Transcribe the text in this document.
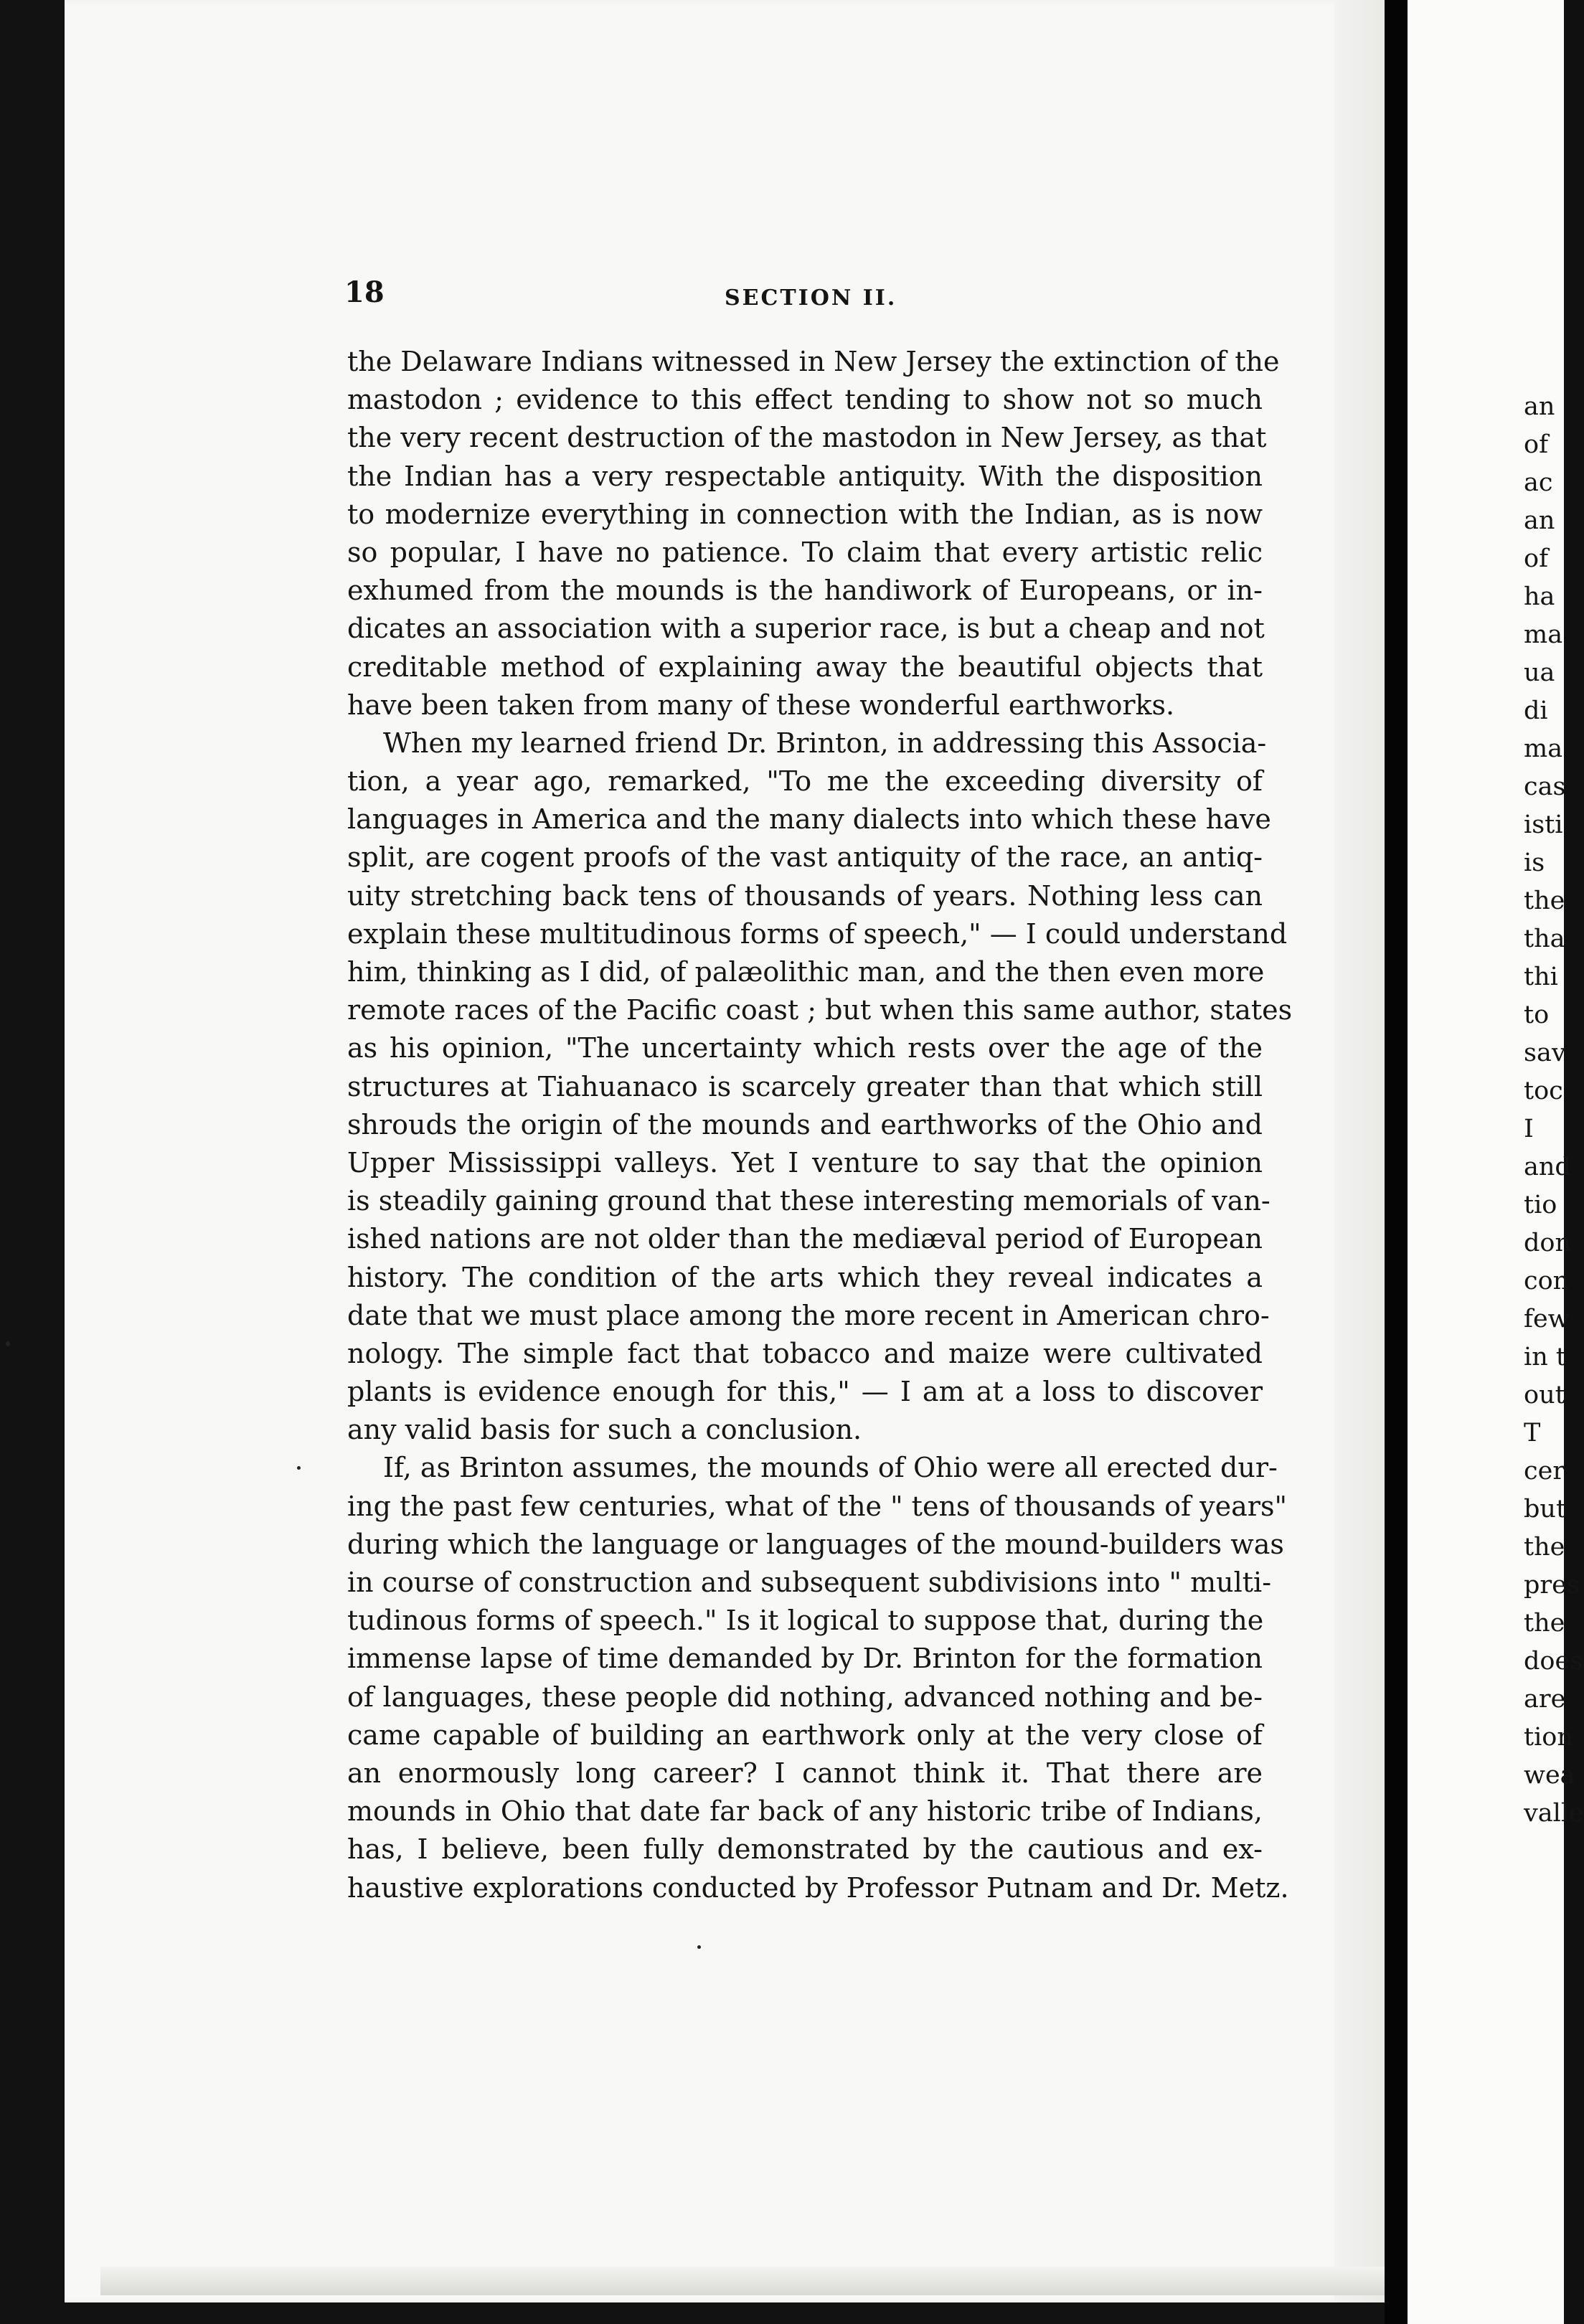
18	SECTION II.
the Delaware Indians witnessed in New Jersey the extinction of the
mastodon ; evidence to this effect tending to show not so much
the very recent destruction of the mastodon in New Jersey, as that
the Indian has a very respectable antiquity. With the disposition
to modernize everything in connection with the Indian, as is now
so popular, I have no patience. To claim that every artistic relic
exhumed from the mounds is the handiwork of Europeans, or in-
dicates an association with a superior race, is but a cheap and not
creditable method of explaining away the beautiful objects that
have been taken from many of these wonderful earthworks.
When my learned friend Dr. Brinton, in addressing this Associa-
tion, a year ago, remarked, "To me the exceeding diversity of
languages in America and the many dialects into which these have
split, are cogent proofs of the vast antiquity of the race, an antiq-
uity stretching back tens of thousands of years. Nothing less can
explain these multitudinous forms of speech," — I could understand
him, thinking as I did, of palæolithic man, and the then even more
remote races of the Pacific coast ; but when this same author, states
as his opinion, "The uncertainty which rests over the age of the
structures at Tiahuanaco is scarcely greater than that which still
shrouds the origin of the mounds and earthworks of the Ohio and
Upper Mississippi valleys. Yet I venture to say that the opinion
is steadily gaining ground that these interesting memorials of van-
ished nations are not older than the mediæval period of European
history. The condition of the arts which they reveal indicates a
date that we must place among the more recent in American chro-
nology. The simple fact that tobacco and maize were cultivated
plants is evidence enough for this," — I am at a loss to discover
any valid basis for such a conclusion.
If, as Brinton assumes, the mounds of Ohio were all erected dur-
ing the past few centuries, what of the " tens of thousands of years"
during which the language or languages of the mound-builders was
in course of construction and subsequent subdivisions into " multi-
tudinous forms of speech." Is it logical to suppose that, during the
immense lapse of time demanded by Dr. Brinton for the formation
of languages, these people did nothing, advanced nothing and be-
came capable of building an earthwork only at the very close of
an enormously long career? I cannot think it. That there are
mounds in Ohio that date far back of any historic tribe of Indians,
has, I believe, been fully demonstrated by the cautious and ex-
haustive explorations conducted by Professor Putnam and Dr. Metz.
an
of
ac
an
of
ha
ma
ua
di
ma
cas
isti
is
the
tha
thi
to
sav
toc
I
and
tio
don
con
few
in t
out
T
cer
but
the
pres
the
does
are
tion
wea
valle
